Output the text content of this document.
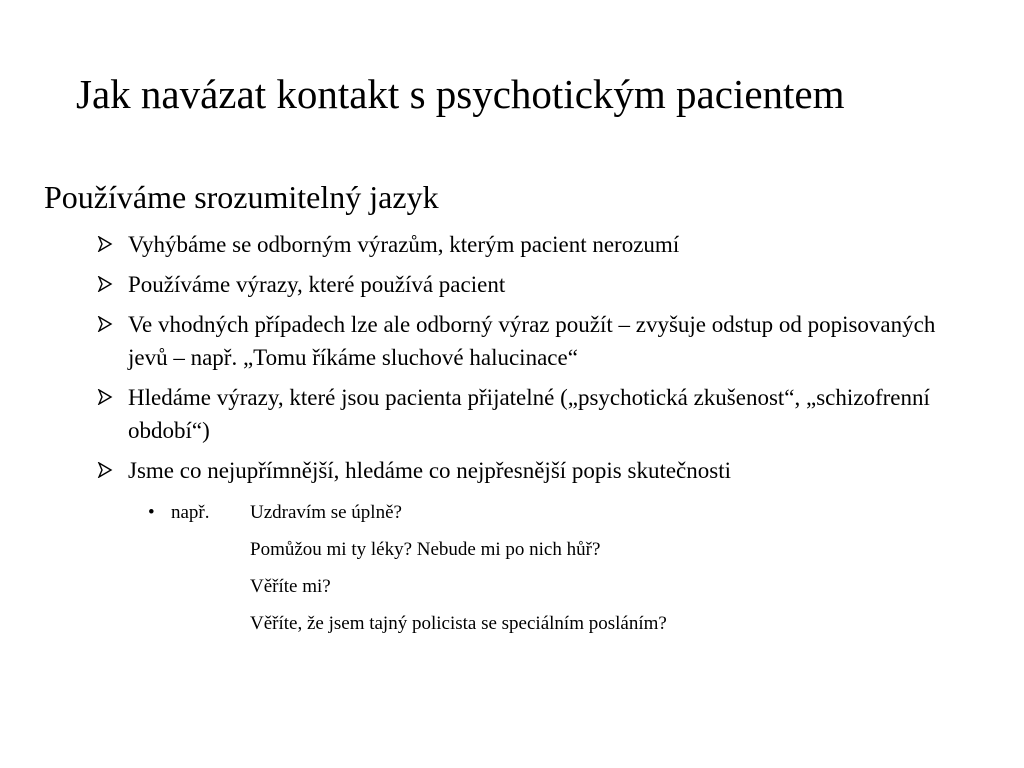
Jak navázat kontakt s psychotickým pacientem
Používáme srozumitelný jazyk
Vyhýbáme se odborným výrazům, kterým pacient nerozumí
Používáme výrazy, které používá pacient
Ve vhodných případech lze ale odborný výraz použít – zvyšuje odstup od popisovaných jevů – např. „Tomu říkáme sluchové halucinace“
Hledáme výrazy, které jsou pacienta přijatelné („psychotická zkušenost“, „schizofrenní období“)
Jsme co nejupřímnější, hledáme co nejpřesnější popis skutečnosti
• např. Uzdravím se úplně?
Pomůžou mi ty léky? Nebude mi po nich hůř?
Věříte mi?
Věříte, že jsem tajný policista se speciálním posláním?
